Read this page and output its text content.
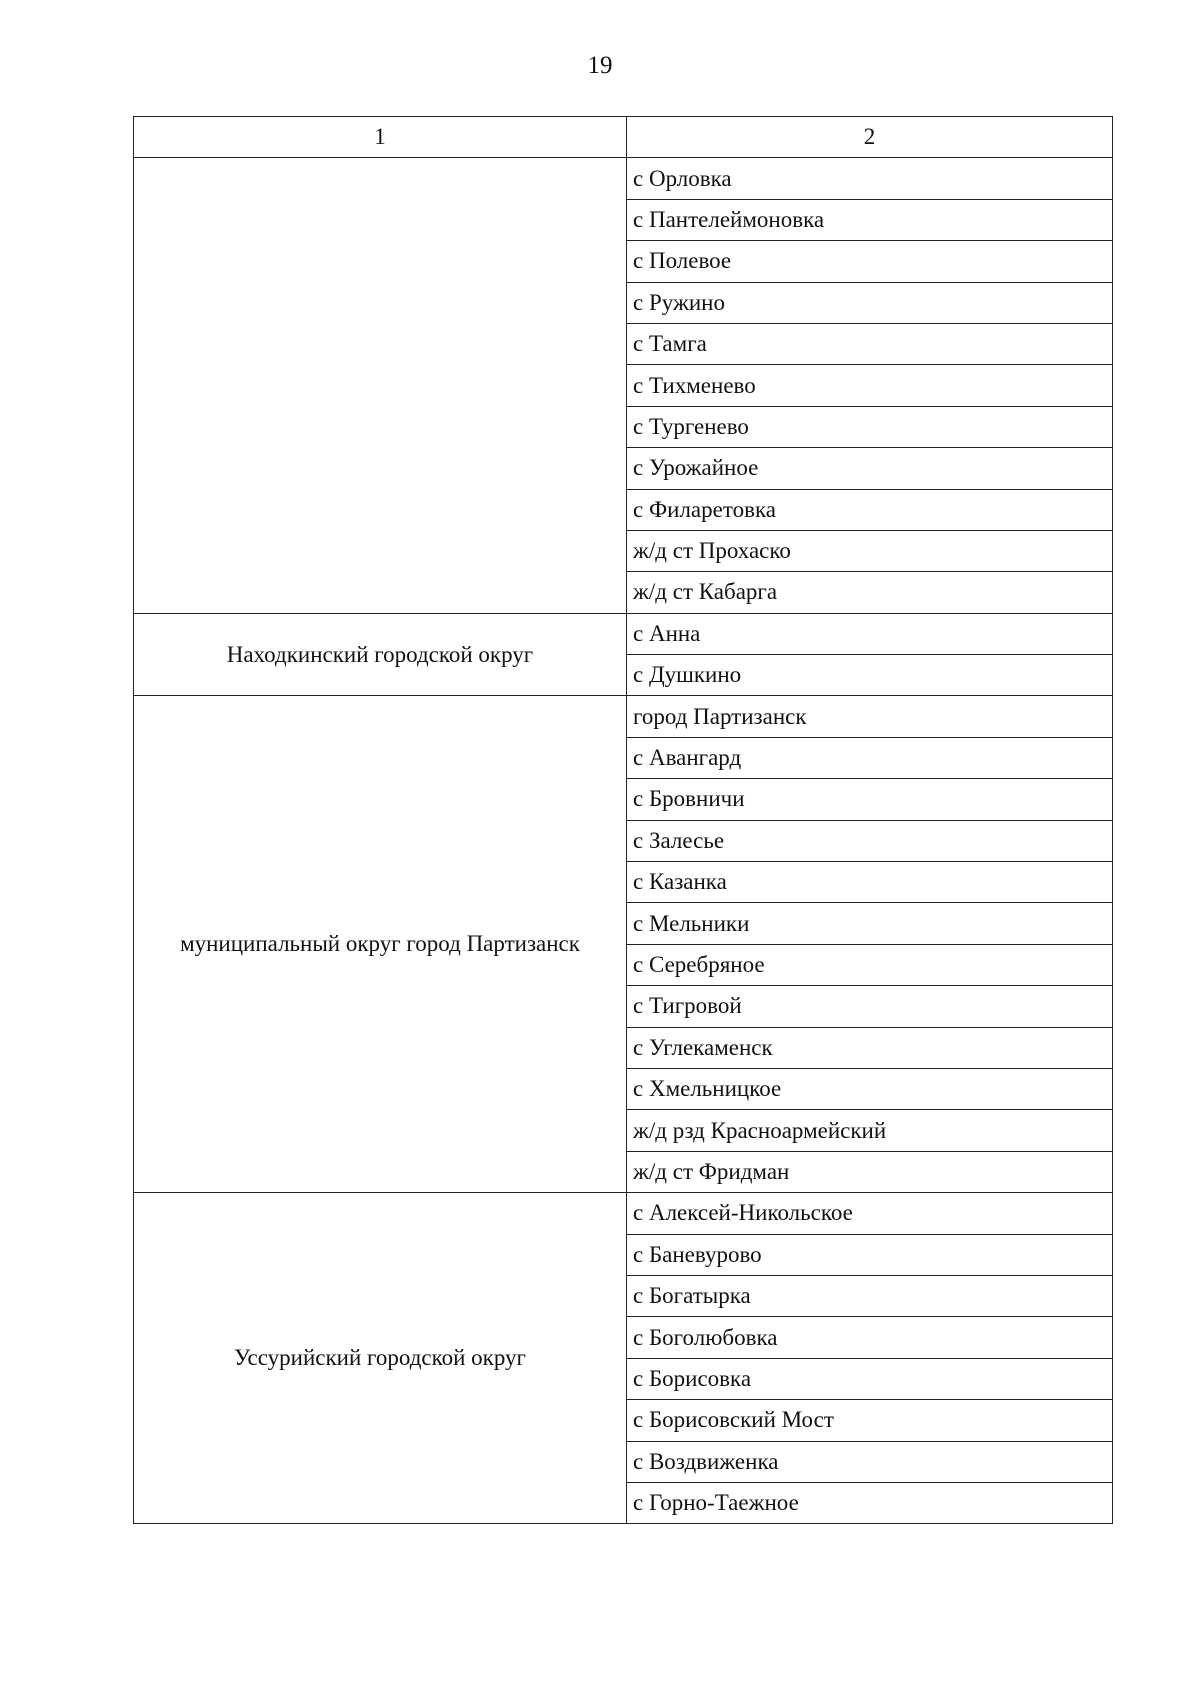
19
1	2
	с Орловка
	с Пантелеймоновка
	с Полевое
	с Ружино
	с Тамга
	с Тихменево
	с Тургенево
	с Урожайное
	с Филаретовка
	ж/д ст Прохаско
	ж/д ст Кабарга
Находкинский городской округ	с Анна
	с Душкино
муниципальный округ город Партизанск	город Партизанск
	с Авангард
	с Бровничи
	с Залесье
	с Казанка
	с Мельники
	с Серебряное
	с Тигровой
	с Углекаменск
	с Хмельницкое
	ж/д рзд Красноармейский
	ж/д ст Фридман
Уссурийский городской округ	с Алексей-Никольское
	с Баневурово
	с Богатырка
	с Боголюбовка
	с Борисовка
	с Борисовский Мост
	с Воздвиженка
	с Горно-Таежное
